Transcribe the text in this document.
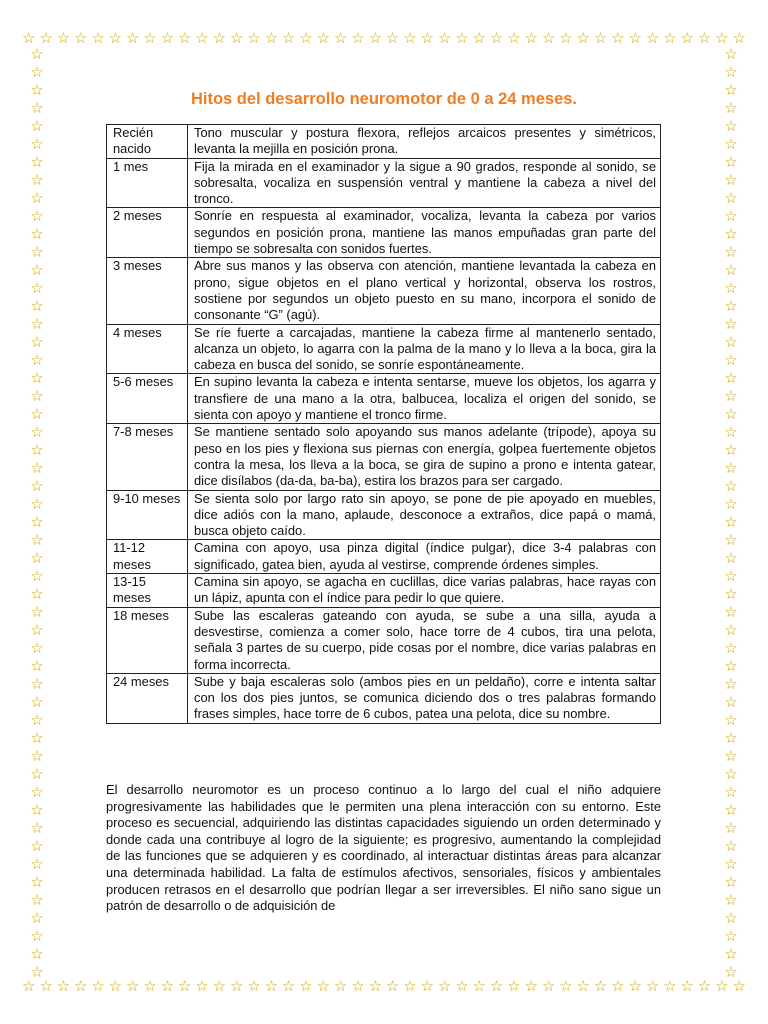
☆ ☆ ☆ ☆ ☆ ☆ ☆ ☆ ☆ ☆ ☆ ☆ ☆ ☆ ☆ ☆ ☆ ☆ ☆ ☆ ☆ ☆ ☆ ☆ ☆ ☆ ☆ ☆ ☆ ☆ ☆ ☆ ☆ ☆ ☆ ☆ ☆ ☆ ☆ ☆ ☆ ☆
☆ ☆ ☆ ☆ ☆ ☆ ☆ ☆ ☆ ☆ ☆ ☆ ☆ ☆ ☆ ☆ ☆ ☆ ☆ ☆ ☆ ☆ ☆ ☆ ☆ ☆ ☆ ☆ ☆ ☆ ☆ ☆ ☆ ☆ ☆ ☆ ☆ ☆ ☆ ☆ ☆ ☆
☆
☆
☆
☆
☆
☆
☆
☆
☆
☆
☆
☆
☆
☆
☆
☆
☆
☆
☆
☆
☆
☆
☆
☆
☆
☆
☆
☆
☆
☆
☆
☆
☆
☆
☆
☆
☆
☆
☆
☆
☆
☆
☆
☆
☆
☆
☆
☆
☆
☆
☆
☆
☆
☆
☆
☆
☆
☆
☆
☆
☆
☆
☆
☆
☆
☆
☆
☆
☆
☆
☆
☆
☆
☆
☆
☆
☆
☆
☆
☆
☆
☆
☆
☆
☆
☆
☆
☆
☆
☆
☆
☆
☆
☆
☆
☆
☆
☆
☆
☆
☆
☆
☆
☆
Hitos del desarrollo neuromotor de 0 a 24 meses.
Recién nacido	Tono muscular y postura flexora, reflejos arcaicos presentes y simétricos, levanta la mejilla en posición prona.
1 mes	Fija la mirada en el examinador y la sigue a 90 grados, responde al sonido, se sobresalta, vocaliza en suspensión ventral y mantiene la cabeza a nivel del tronco.
2 meses	Sonríe en respuesta al examinador, vocaliza, levanta la cabeza por varios segundos en posición prona, mantiene las manos empuñadas gran parte del tiempo se sobresalta con sonidos fuertes.
3 meses	Abre sus manos y las observa con atención, mantiene levantada la cabeza en prono, sigue objetos en el plano vertical y horizontal, observa los rostros, sostiene por segundos un objeto puesto en su mano, incorpora el sonido de consonante “G” (agú).
4 meses	Se ríe fuerte a carcajadas, mantiene la cabeza firme al mantenerlo sentado, alcanza un objeto, lo agarra con la palma de la mano y lo lleva a la boca, gira la cabeza en busca del sonido, se sonríe espontáneamente.
5-6 meses	En supino levanta la cabeza e intenta sentarse, mueve los objetos, los agarra y transfiere de una mano a la otra, balbucea, localiza el origen del sonido, se sienta con apoyo y mantiene el tronco firme.
7-8 meses	Se mantiene sentado solo apoyando sus manos adelante (trípode), apoya su peso en los pies y flexiona sus piernas con energía, golpea fuertemente objetos contra la mesa, los lleva a la boca, se gira de supino a prono e intenta gatear, dice disílabos (da-da, ba-ba), estira los brazos para ser cargado.
9-10 meses	Se sienta solo por largo rato sin apoyo, se pone de pie apoyado en muebles, dice adiós con la mano, aplaude, desconoce a extraños, dice papá o mamá, busca objeto caído.
11-12 meses	Camina con apoyo, usa pinza digital (índice pulgar), dice 3-4 palabras con significado, gatea bien, ayuda al vestirse, comprende órdenes simples.
13-15 meses	Camina sin apoyo, se agacha en cuclillas, dice varias palabras, hace rayas con un lápiz, apunta con el índice para pedir lo que quiere.
18 meses	Sube las escaleras gateando con ayuda, se sube a una silla, ayuda a desvestirse, comienza a comer solo, hace torre de 4 cubos, tira una pelota, señala 3 partes de su cuerpo, pide cosas por el nombre, dice varias palabras en forma incorrecta.
24 meses	Sube y baja escaleras solo (ambos pies en un peldaño), corre e intenta saltar con los dos pies juntos, se comunica diciendo dos o tres palabras formando frases simples, hace torre de 6 cubos, patea una pelota, dice su nombre.

El desarrollo neuromotor es un proceso continuo a lo largo del cual el niño adquiere progresivamente las habilidades que le permiten una plena interacción con su entorno. Este proceso es secuencial, adquiriendo las distintas capacidades siguiendo un orden determinado y donde cada una contribuye al logro de la siguiente; es progresivo, aumentando la complejidad de las funciones que se adquieren y es coordinado, al interactuar distintas áreas para alcanzar una determinada habilidad. La falta de estímulos afectivos, sensoriales, físicos y ambientales producen retrasos en el desarrollo que podrían llegar a ser irreversibles. El niño sano sigue un patrón de desarrollo o de adquisición de
